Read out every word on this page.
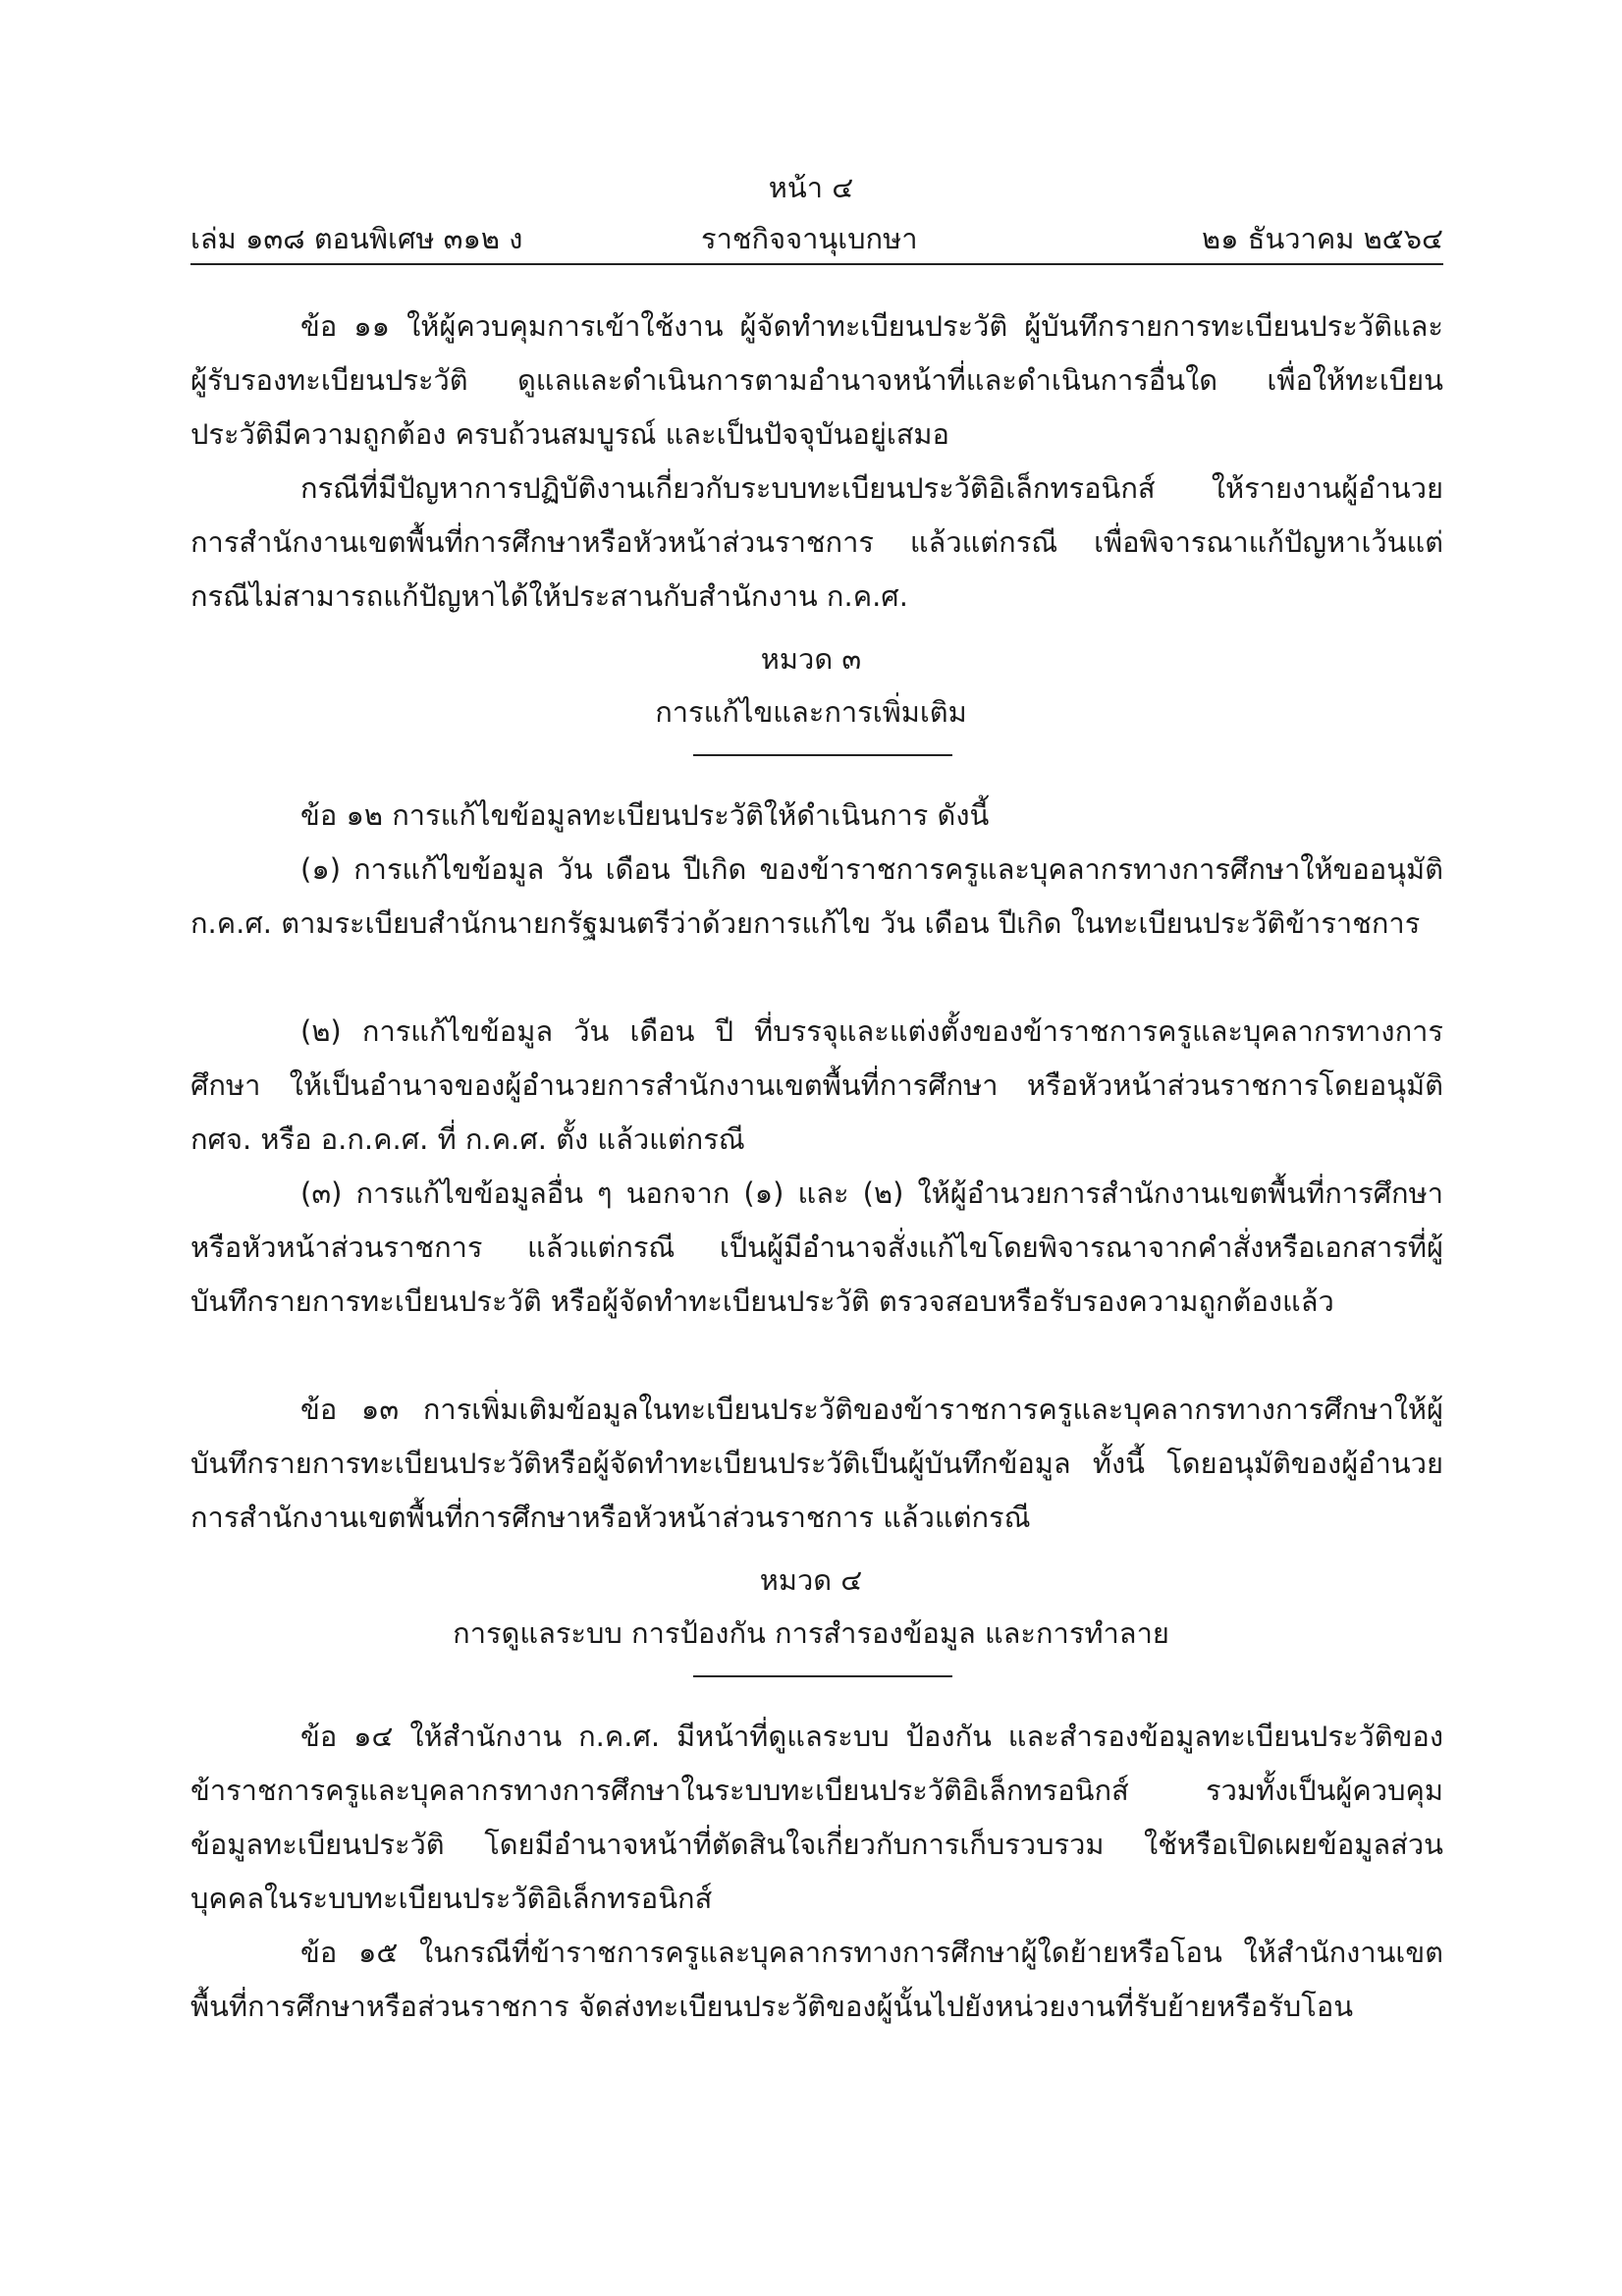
หน้า ๔
เล่ม ๑๓๘ ตอนพิเศษ ๓๑๒ ง	ราชกิจจานุเบกษา	๒๑ ธันวาคม ๒๕๖๔

ข้อ ๑๑ ให้ผู้ควบคุมการเข้าใช้งาน ผู้จัดทำทะเบียนประวัติ ผู้บันทึกรายการทะเบียนประวัติและผู้รับรองทะเบียนประวัติ ดูแลและดำเนินการตามอำนาจหน้าที่และดำเนินการอื่นใด เพื่อให้ทะเบียนประวัติมีความถูกต้อง ครบถ้วนสมบูรณ์ และเป็นปัจจุบันอยู่เสมอ

กรณีที่มีปัญหาการปฏิบัติงานเกี่ยวกับระบบทะเบียนประวัติอิเล็กทรอนิกส์ ให้รายงานผู้อำนวยการสำนักงานเขตพื้นที่การศึกษาหรือหัวหน้าส่วนราชการ แล้วแต่กรณี เพื่อพิจารณาแก้ปัญหาเว้นแต่กรณีไม่สามารถแก้ปัญหาได้ให้ประสานกับสำนักงาน ก.ค.ศ.

หมวด ๓

การแก้ไขและการเพิ่มเติม

ข้อ ๑๒ การแก้ไขข้อมูลทะเบียนประวัติให้ดำเนินการ ดังนี้

(๑) การแก้ไขข้อมูล วัน เดือน ปีเกิด ของข้าราชการครูและบุคลากรทางการศึกษาให้ขออนุมัติ ก.ค.ศ. ตามระเบียบสำนักนายกรัฐมนตรีว่าด้วยการแก้ไข วัน เดือน ปีเกิด ในทะเบียนประวัติข้าราชการ

(๒) การแก้ไขข้อมูล วัน เดือน ปี ที่บรรจุและแต่งตั้งของข้าราชการครูและบุคลากรทางการศึกษา ให้เป็นอำนาจของผู้อำนวยการสำนักงานเขตพื้นที่การศึกษา หรือหัวหน้าส่วนราชการโดยอนุมัติ กศจ. หรือ อ.ก.ค.ศ. ที่ ก.ค.ศ. ตั้ง แล้วแต่กรณี

(๓) การแก้ไขข้อมูลอื่น ๆ นอกจาก (๑) และ (๒) ให้ผู้อำนวยการสำนักงานเขตพื้นที่การศึกษาหรือหัวหน้าส่วนราชการ แล้วแต่กรณี เป็นผู้มีอำนาจสั่งแก้ไขโดยพิจารณาจากคำสั่งหรือเอกสารที่ผู้บันทึกรายการทะเบียนประวัติ หรือผู้จัดทำทะเบียนประวัติ ตรวจสอบหรือรับรองความถูกต้องแล้ว

ข้อ ๑๓ การเพิ่มเติมข้อมูลในทะเบียนประวัติของข้าราชการครูและบุคลากรทางการศึกษาให้ผู้บันทึกรายการทะเบียนประวัติหรือผู้จัดทำทะเบียนประวัติเป็นผู้บันทึกข้อมูล ทั้งนี้ โดยอนุมัติของผู้อำนวยการสำนักงานเขตพื้นที่การศึกษาหรือหัวหน้าส่วนราชการ แล้วแต่กรณี

หมวด ๔

การดูแลระบบ การป้องกัน การสำรองข้อมูล และการทำลาย

ข้อ ๑๔ ให้สำนักงาน ก.ค.ศ. มีหน้าที่ดูแลระบบ ป้องกัน และสำรองข้อมูลทะเบียนประวัติของข้าราชการครูและบุคลากรทางการศึกษาในระบบทะเบียนประวัติอิเล็กทรอนิกส์ รวมทั้งเป็นผู้ควบคุมข้อมูลทะเบียนประวัติ โดยมีอำนาจหน้าที่ตัดสินใจเกี่ยวกับการเก็บรวบรวม ใช้หรือเปิดเผยข้อมูลส่วนบุคคลในระบบทะเบียนประวัติอิเล็กทรอนิกส์

ข้อ ๑๕ ในกรณีที่ข้าราชการครูและบุคลากรทางการศึกษาผู้ใดย้ายหรือโอน ให้สำนักงานเขตพื้นที่การศึกษาหรือส่วนราชการ จัดส่งทะเบียนประวัติของผู้นั้นไปยังหน่วยงานที่รับย้ายหรือรับโอน
